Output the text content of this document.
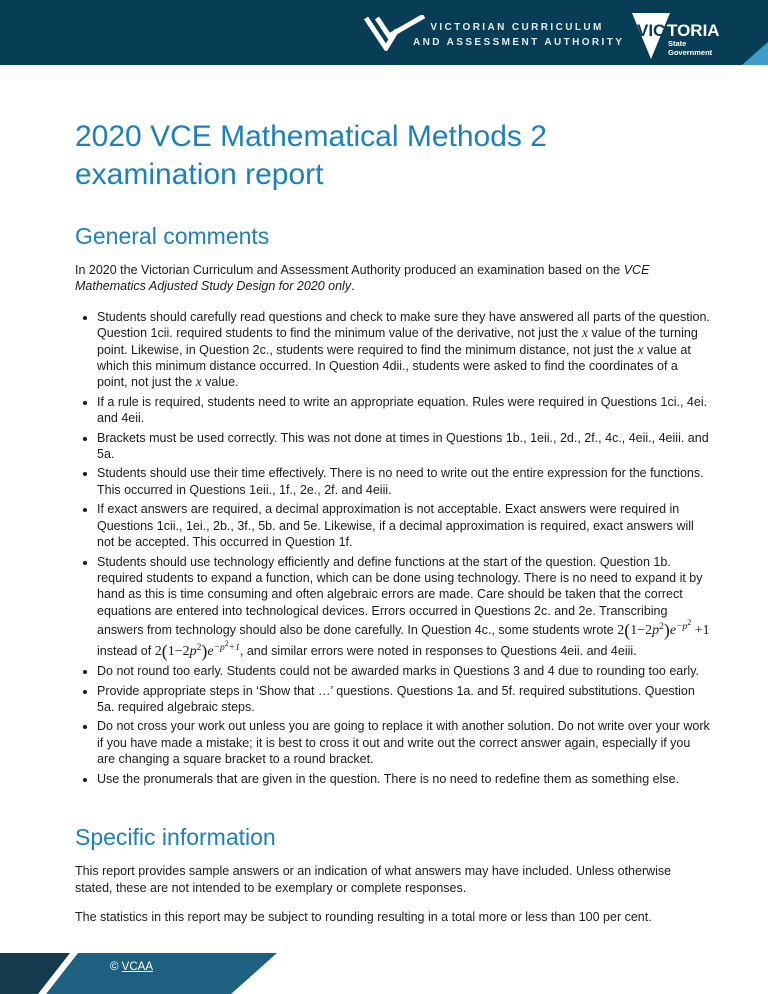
VICTORIAN CURRICULUM
AND ASSESSMENT AUTHORITY
VIC TORIA
State
Government
2020 VCE Mathematical Methods 2
examination report
General comments

In 2020 the Victorian Curriculum and Assessment Authority produced an examination based on the VCE Mathematics Adjusted Study Design for 2020 only.

• Students should carefully read questions and check to make sure they have answered all parts of the question. Question 1cii. required students to find the minimum value of the derivative, not just the x value of the turning point. Likewise, in Question 2c., students were required to find the minimum distance, not just the x value at which this minimum distance occurred. In Question 4dii., students were asked to find the coordinates of a point, not just the x value.
• If a rule is required, students need to write an appropriate equation. Rules were required in Questions 1ci., 4ei. and 4eii.
• Brackets must be used correctly. This was not done at times in Questions 1b., 1eii., 2d., 2f., 4c., 4eii., 4eiii. and 5a.
• Students should use their time effectively. There is no need to write out the entire expression for the functions. This occurred in Questions 1eii., 1f., 2e., 2f. and 4eiii.
• If exact answers are required, a decimal approximation is not acceptable. Exact answers were required in Questions 1cii., 1ei., 2b., 3f., 5b. and 5e. Likewise, if a decimal approximation is required, exact answers will not be accepted. This occurred in Question 1f.
• Students should use technology efficiently and define functions at the start of the question. Question 1b. required students to expand a function, which can be done using technology. There is no need to expand it by hand as this is time consuming and often algebraic errors are made. Care should be taken that the correct equations are entered into technological devices. Errors occurred in Questions 2c. and 2e. Transcribing answers from technology should also be done carefully. In Question 4c., some students wrote $2(1-2p^2)e^{-p2} +1$ instead of $2(1-2p^2)e^{-p2+1}$, and similar errors were noted in responses to Questions 4eii. and 4eiii.
• Do not round too early. Students could not be awarded marks in Questions 3 and 4 due to rounding too early.
• Provide appropriate steps in ‘Show that …’ questions. Questions 1a. and 5f. required substitutions. Question 5a. required algebraic steps.
• Do not cross your work out unless you are going to replace it with another solution. Do not write over your work if you have made a mistake; it is best to cross it out and write out the correct answer again, especially if you are changing a square bracket to a round bracket.
• Use the pronumerals that are given in the question. There is no need to redefine them as something else.
Specific information

This report provides sample answers or an indication of what answers may have included. Unless otherwise stated, these are not intended to be exemplary or complete responses.

The statistics in this report may be subject to rounding resulting in a total more or less than 100 per cent.

© VCAA
